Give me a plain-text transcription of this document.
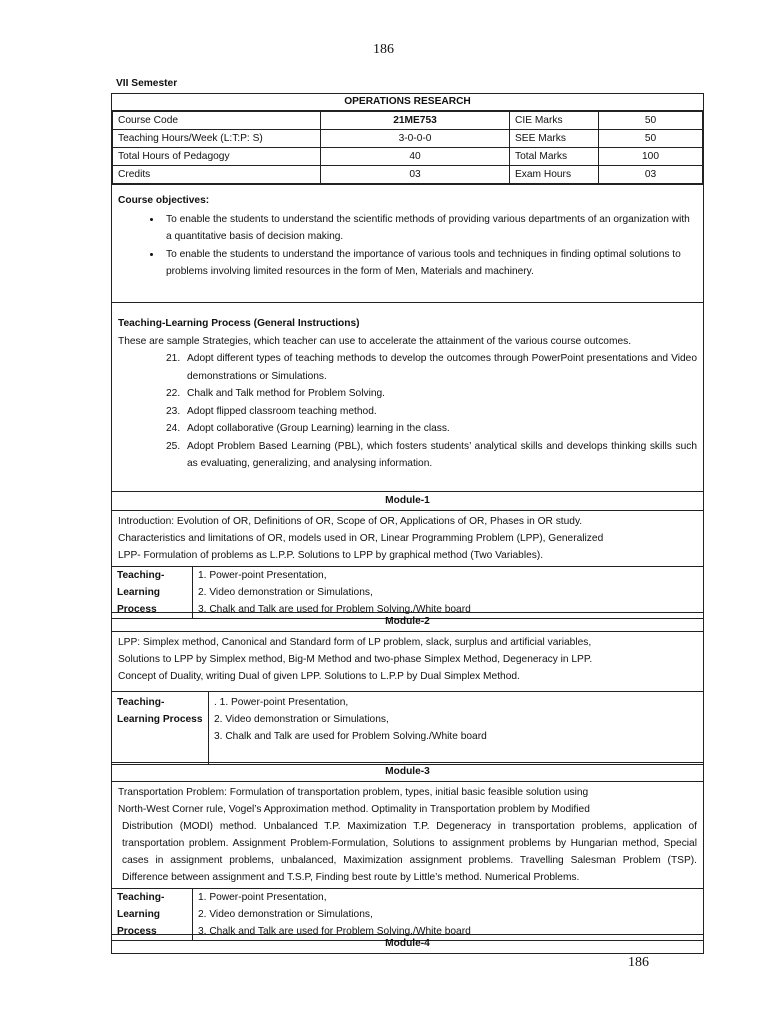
186
VII Semester
OPERATIONS RESEARCH
Course Code	21ME753	CIE Marks	50
Teaching Hours/Week (L:T:P: S)	3-0-0-0	SEE Marks	50
Total Hours of Pedagogy	40	Total Marks	100
Credits	03	Exam Hours	03
Course objectives:
• To enable the students to understand the scientific methods of providing various departments of an organization with a quantitative basis of decision making.
• To enable the students to understand the importance of various tools and techniques in finding optimal solutions to problems involving limited resources in the form of Men, Materials and machinery.
Teaching-Learning Process (General Instructions)
These are sample Strategies, which teacher can use to accelerate the attainment of the various course outcomes.
21. Adopt different types of teaching methods to develop the outcomes through PowerPoint presentations and Video demonstrations or Simulations.
22. Chalk and Talk method for Problem Solving.
23. Adopt flipped classroom teaching method.
24. Adopt collaborative (Group Learning) learning in the class.
25. Adopt Problem Based Learning (PBL), which fosters students’ analytical skills and develops thinking skills such as evaluating, generalizing, and analysing information.
Module-1
Introduction: Evolution of OR, Definitions of OR, Scope of OR, Applications of OR, Phases in OR study.
Characteristics and limitations of OR, models used in OR, Linear Programming Problem (LPP), Generalized
LPP- Formulation of problems as L.P.P. Solutions to LPP by graphical method (Two Variables).
Teaching-
Learning
Process
1. Power-point Presentation,
2. Video demonstration or Simulations,
3. Chalk and Talk are used for Problem Solving./White board
Module-2
LPP: Simplex method, Canonical and Standard form of LP problem, slack, surplus and artificial variables,
Solutions to LPP by Simplex method, Big-M Method and two-phase Simplex Method, Degeneracy in LPP.
Concept of Duality, writing Dual of given LPP. Solutions to L.P.P by Dual Simplex Method.
Teaching-
Learning Process
. 1. Power-point Presentation,
2. Video demonstration or Simulations,
3. Chalk and Talk are used for Problem Solving./White board
Module-3
Transportation Problem: Formulation of transportation problem, types, initial basic feasible solution using
North-West Corner rule, Vogel’s Approximation method. Optimality in Transportation problem by Modified
Distribution (MODI) method. Unbalanced T.P. Maximization T.P. Degeneracy in transportation problems, application of transportation problem. Assignment Problem-Formulation, Solutions to assignment problems by Hungarian method, Special cases in assignment problems, unbalanced, Maximization assignment problems. Travelling Salesman Problem (TSP). Difference between assignment and T.S.P, Finding best route by Little’s method. Numerical Problems.
Teaching-
Learning
Process
1. Power-point Presentation,
2. Video demonstration or Simulations,
3. Chalk and Talk are used for Problem Solving./White board
Module-4
186
